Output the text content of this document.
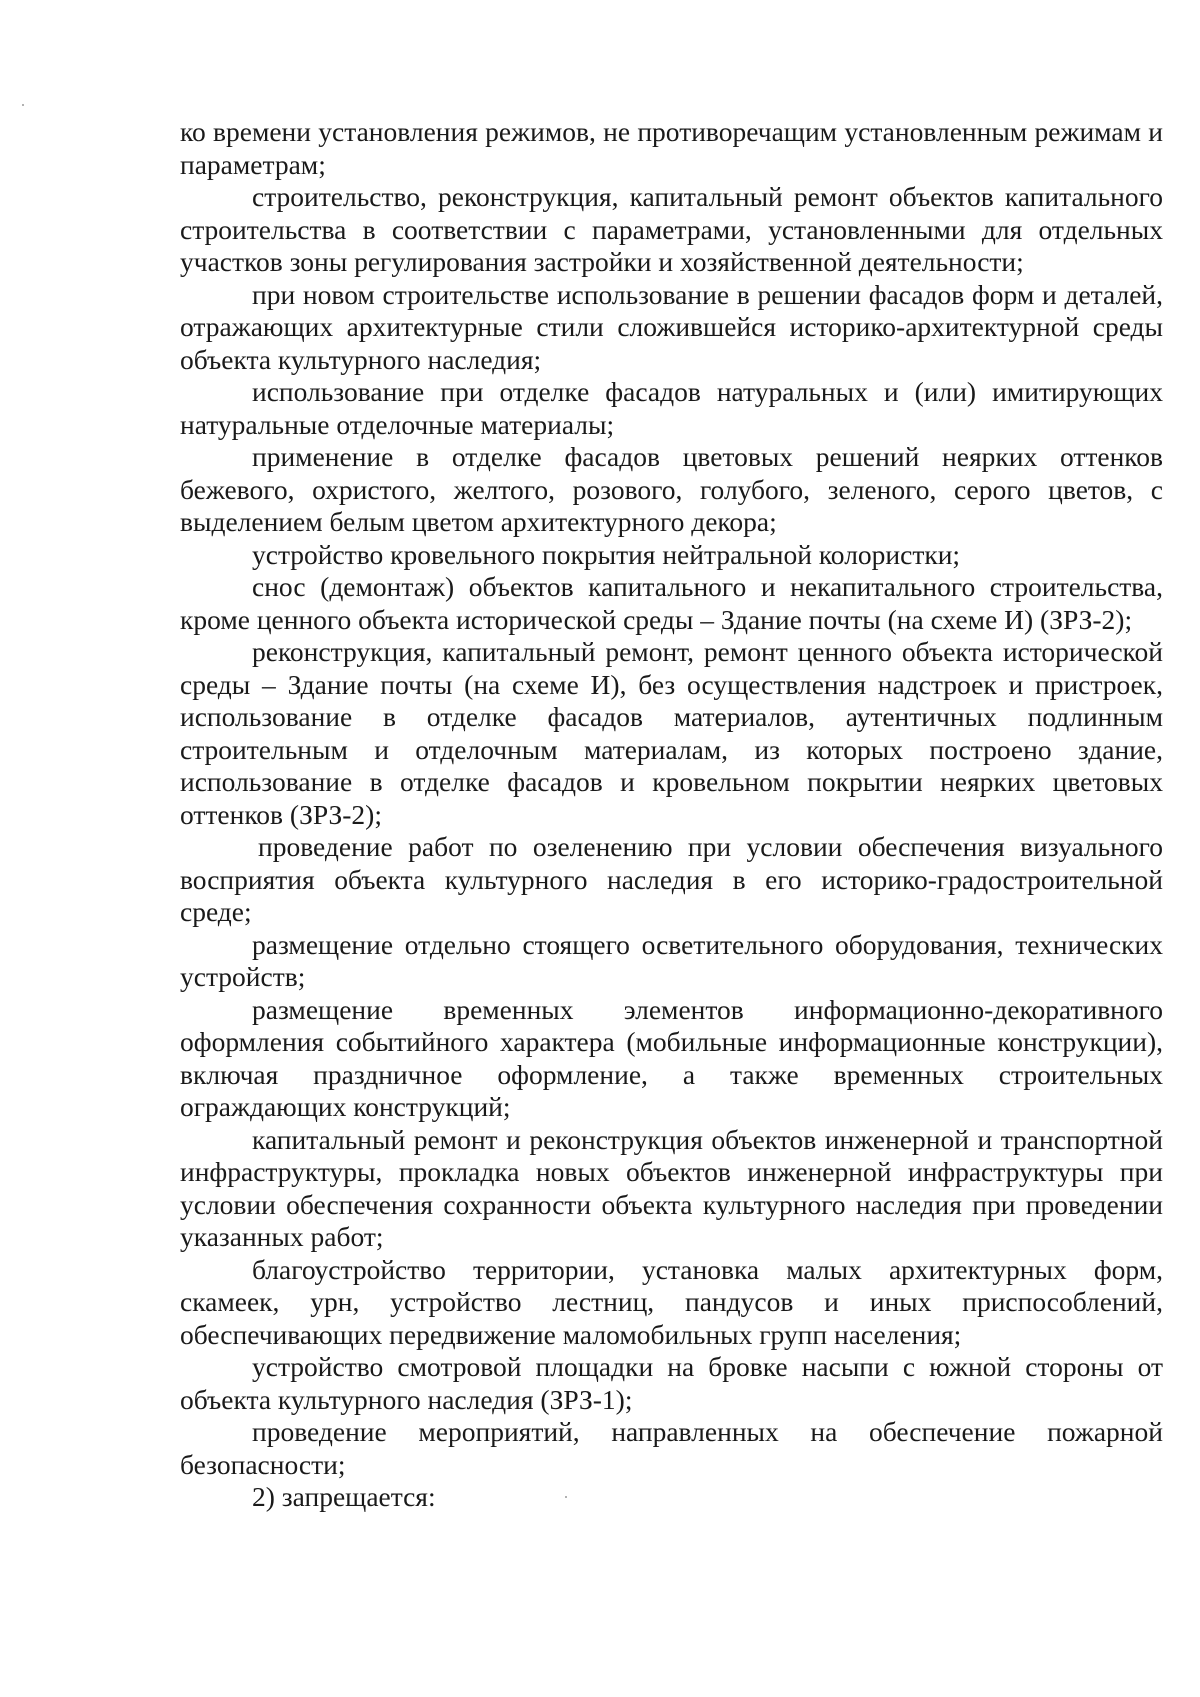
ко времени установления режимов, не противоречащим установленным режимам и параметрам;

строительство, реконструкция, капитальный ремонт объектов капитального строительства в соответствии с параметрами, установленными для отдельных участков зоны регулирования застройки и хозяйственной деятельности;

при новом строительстве использование в решении фасадов форм и деталей, отражающих архитектурные стили сложившейся историко-архитектурной среды объекта культурного наследия;

использование при отделке фасадов натуральных и (или) имитирующих натуральные отделочные материалы;

применение в отделке фасадов цветовых решений неярких оттенков бежевого, охристого, желтого, розового, голубого, зеленого, серого цветов, с выделением белым цветом архитектурного декора;

устройство кровельного покрытия нейтральной колористки;

снос (демонтаж) объектов капитального и некапитального строительства, кроме ценного объекта исторической среды – Здание почты (на схеме И) (ЗРЗ-2);

реконструкция, капитальный ремонт, ремонт ценного объекта исторической среды – Здание почты (на схеме И), без осуществления надстроек и пристроек, использование в отделке фасадов материалов, аутентичных подлинным строительным и отделочным материалам, из которых построено здание, использование в отделке фасадов и кровельном покрытии неярких цветовых оттенков (ЗРЗ-2);

проведение работ по озеленению при условии обеспечения визуального восприятия объекта культурного наследия в его историко-градостроительной среде;

размещение отдельно стоящего осветительного оборудования, технических устройств;

размещение временных элементов информационно-декоративного оформления событийного характера (мобильные информационные конструкции), включая праздничное оформление, а также временных строительных ограждающих конструкций;

капитальный ремонт и реконструкция объектов инженерной и транспортной инфраструктуры, прокладка новых объектов инженерной инфраструктуры при условии обеспечения сохранности объекта культурного наследия при проведении указанных работ;

благоустройство территории, установка малых архитектурных форм, скамеек, урн, устройство лестниц, пандусов и иных приспособлений, обеспечивающих передвижение маломобильных групп населения;

устройство смотровой площадки на бровке насыпи с южной стороны от объекта культурного наследия (ЗРЗ-1);

проведение мероприятий, направленных на обеспечение пожарной безопасности;

2) запрещается:
